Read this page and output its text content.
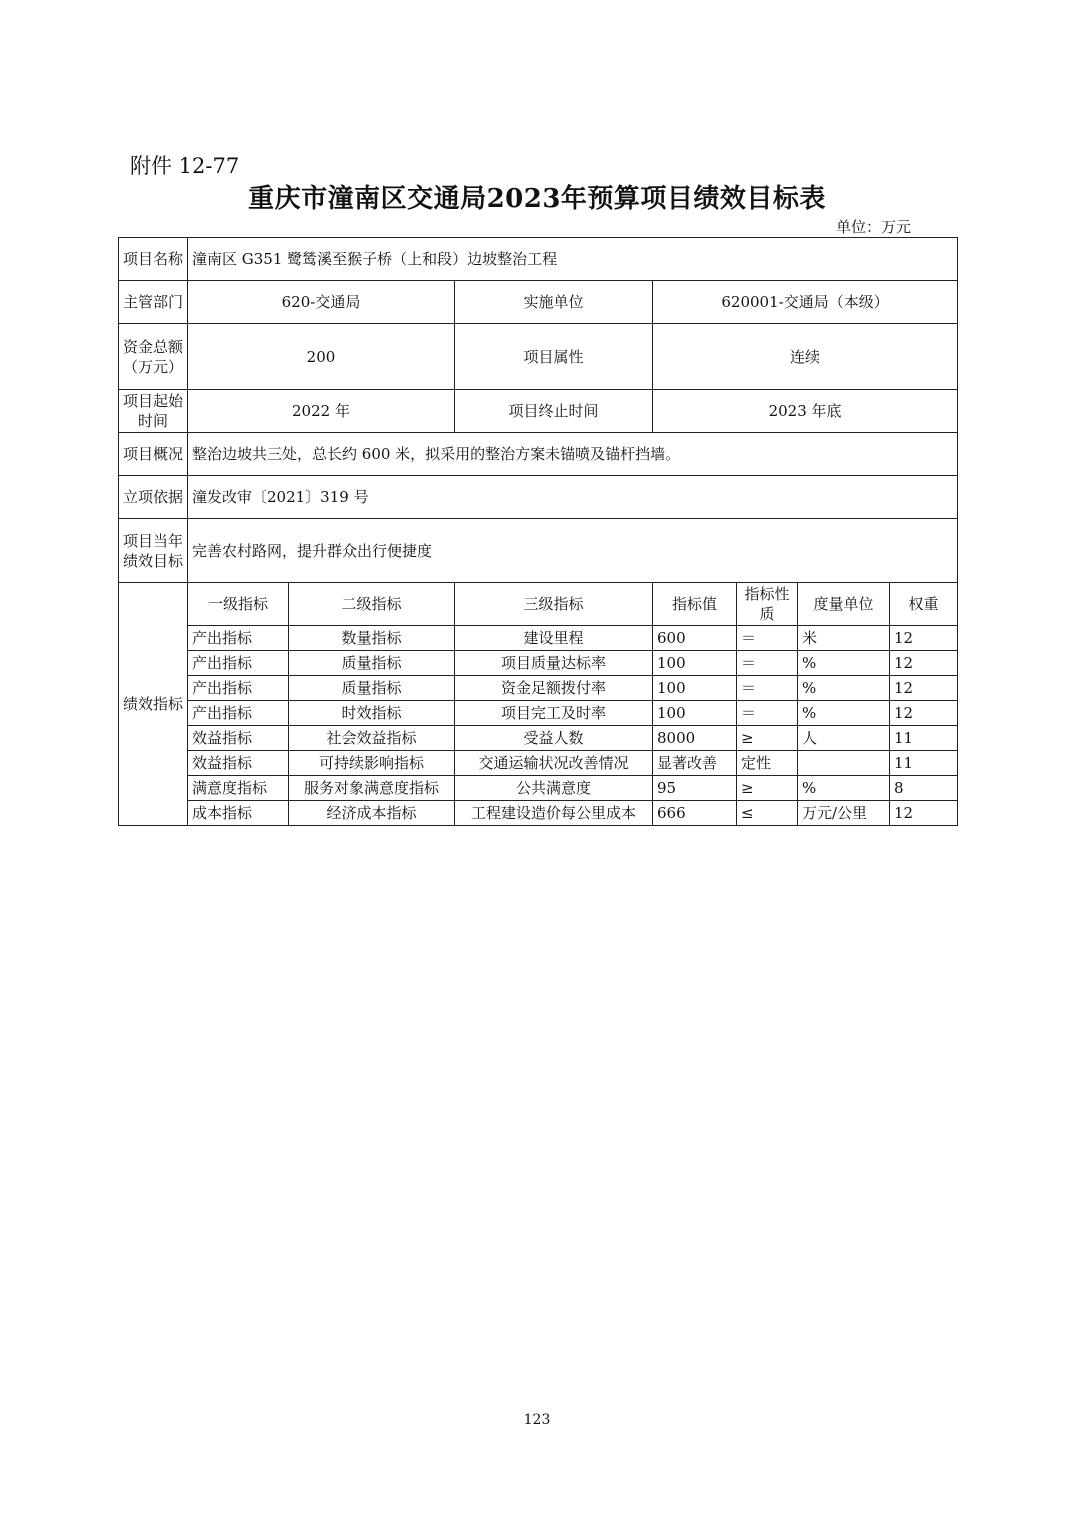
附件 12-77
重庆市潼南区交通局2023年预算项目绩效目标表
单位：万元
项目名称	潼南区 G351 鹭鸶溪至猴子桥（上和段）边坡整治工程						
主管部门	620-交通局		实施单位	620001-交通局（本级）			
资金总额（万元）	200		项目属性	连续			
项目起始时间	2022 年		项目终止时间	2023 年底			
项目概况	整治边坡共三处，总长约 600 米，拟采用的整治方案未锚喷及锚杆挡墙。						
立项依据	潼发改审〔2021〕319 号						
项目当年绩效目标	完善农村路网，提升群众出行便捷度						
绩效指标	一级指标	二级指标	三级指标	指标值	指标性质	度量单位	权重
	产出指标	数量指标	建设里程	600	＝	米	12
	产出指标	质量指标	项目质量达标率	100	＝	%	12
	产出指标	质量指标	资金足额拨付率	100	＝	%	12
	产出指标	时效指标	项目完工及时率	100	＝	%	12
	效益指标	社会效益指标	受益人数	8000	≥	人	11
	效益指标	可持续影响指标	交通运输状况改善情况	显著改善	定性		11
	满意度指标	服务对象满意度指标	公共满意度	95	≥	%	8
	成本指标	经济成本指标	工程建设造价每公里成本	666	≤	万元/公里	12
123
